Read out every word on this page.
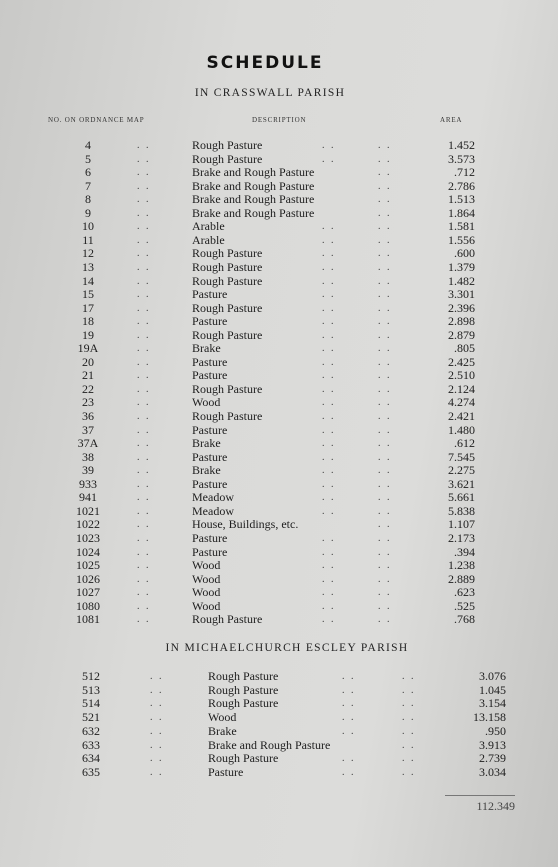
SCHEDULE
IN CRASSWALL PARISH
NO. ON ORDNANCE MAP	DESCRIPTION	AREA
4	. .	Rough Pasture	. .	. .	1.452
5	. .	Rough Pasture	. .	. .	3.573
6	. .	Brake and Rough Pasture	. .	.712
7	. .	Brake and Rough Pasture	. .	2.786
8	. .	Brake and Rough Pasture	. .	1.513
9	. .	Brake and Rough Pasture	. .	1.864
10	. .	Arable	. .	. .	1.581
11	. .	Arable	. .	. .	1.556
12	. .	Rough Pasture	. .	. .	.600
13	. .	Rough Pasture	. .	. .	1.379
14	. .	Rough Pasture	. .	. .	1.482
15	. .	Pasture	. .	. .	3.301
17	. .	Rough Pasture	. .	. .	2.396
18	. .	Pasture	. .	. .	2.898
19	. .	Rough Pasture	. .	. .	2.879
19A	. .	Brake	. .	. .	.805
20	. .	Pasture	. .	. .	2.425
21	. .	Pasture	. .	. .	2.510
22	. .	Rough Pasture	. .	. .	2.124
23	. .	Wood	. .	. .	4.274
36	. .	Rough Pasture	. .	. .	2.421
37	. .	Pasture	. .	. .	1.480
37A	. .	Brake	. .	. .	.612
38	. .	Pasture	. .	. .	7.545
39	. .	Brake	. .	. .	2.275
933	. .	Pasture	. .	. .	3.621
941	. .	Meadow	. .	. .	5.661
1021	. .	Meadow	. .	. .	5.838
1022	. .	House, Buildings, etc.	. .	1.107
1023	. .	Pasture	. .	. .	2.173
1024	. .	Pasture	. .	. .	.394
1025	. .	Wood	. .	. .	1.238
1026	. .	Wood	. .	. .	2.889
1027	. .	Wood	. .	. .	.623
1080	. .	Wood	. .	. .	.525
1081	. .	Rough Pasture	. .	. .	.768
IN MICHAELCHURCH ESCLEY PARISH
512	. .	Rough Pasture	. .	. .	3.076
513	. .	Rough Pasture	. .	. .	1.045
514	. .	Rough Pasture	. .	. .	3.154
521	. .	Wood	. .	. .	13.158
632	. .	Brake	. .	. .	.950
633	. .	Brake and Rough Pasture	. .	3.913
634	. .	Rough Pasture	. .	. .	2.739
635	. .	Pasture	. .	. .	3.034
112.349
